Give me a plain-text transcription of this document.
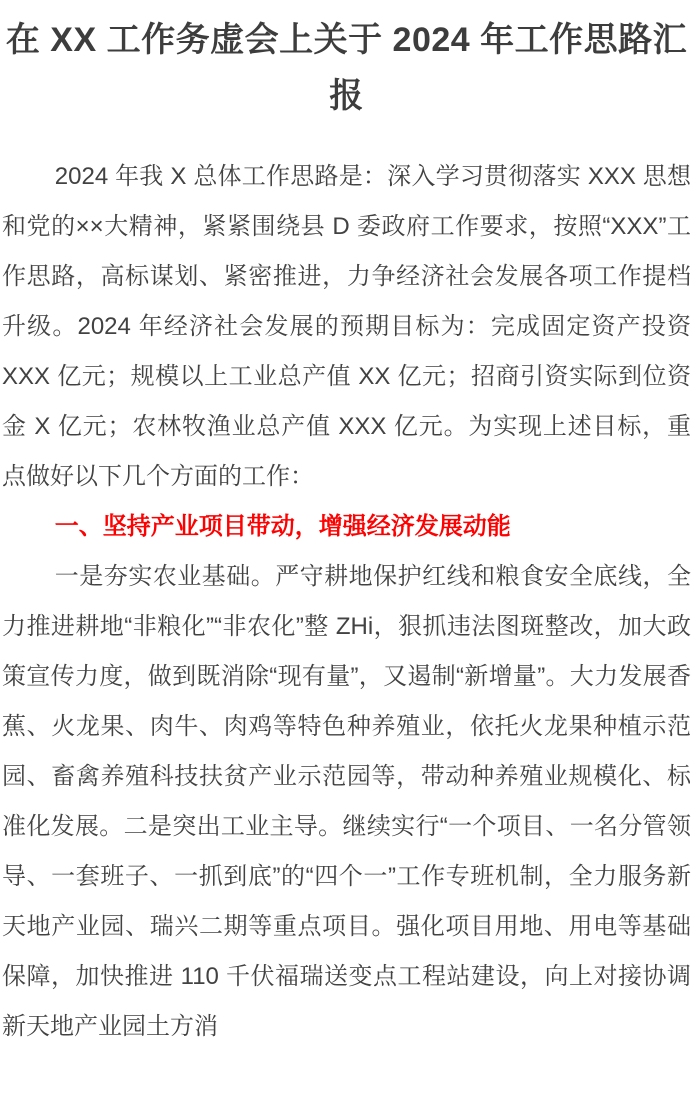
在 XX 工作务虚会上关于 2024 年工作思路汇报

2024 年我 X 总体工作思路是：深入学习贯彻落实 XXX 思想和党的××大精神，紧紧围绕县 D 委政府工作要求，按照“XXX”工作思路，高标谋划、紧密推进，力争经济社会发展各项工作提档升级。2024 年经济社会发展的预期目标为：完成固定资产投资 XXX 亿元；规模以上工业总产值 XX 亿元；招商引资实际到位资金 X 亿元；农林牧渔业总产值 XXX 亿元。为实现上述目标，重点做好以下几个方面的工作：

一、坚持产业项目带动，增强经济发展动能

一是夯实农业基础。严守耕地保护红线和粮食安全底线，全力推进耕地“非粮化”“非农化”整 ZHi，狠抓违法图斑整改，加大政策宣传力度，做到既消除“现有量”，又遏制“新增量”。大力发展香蕉、火龙果、肉牛、肉鸡等特色种养殖业，依托火龙果种植示范园、畜禽养殖科技扶贫产业示范园等，带动种养殖业规模化、标准化发展。二是突出工业主导。继续实行“一个项目、一名分管领导、一套班子、一抓到底”的“四个一”工作专班机制，全力服务新天地产业园、瑞兴二期等重点项目。强化项目用地、用电等基础保障，加快推进 110 千伏福瑞送变点工程站建设，向上对接协调新天地产业园土方消
